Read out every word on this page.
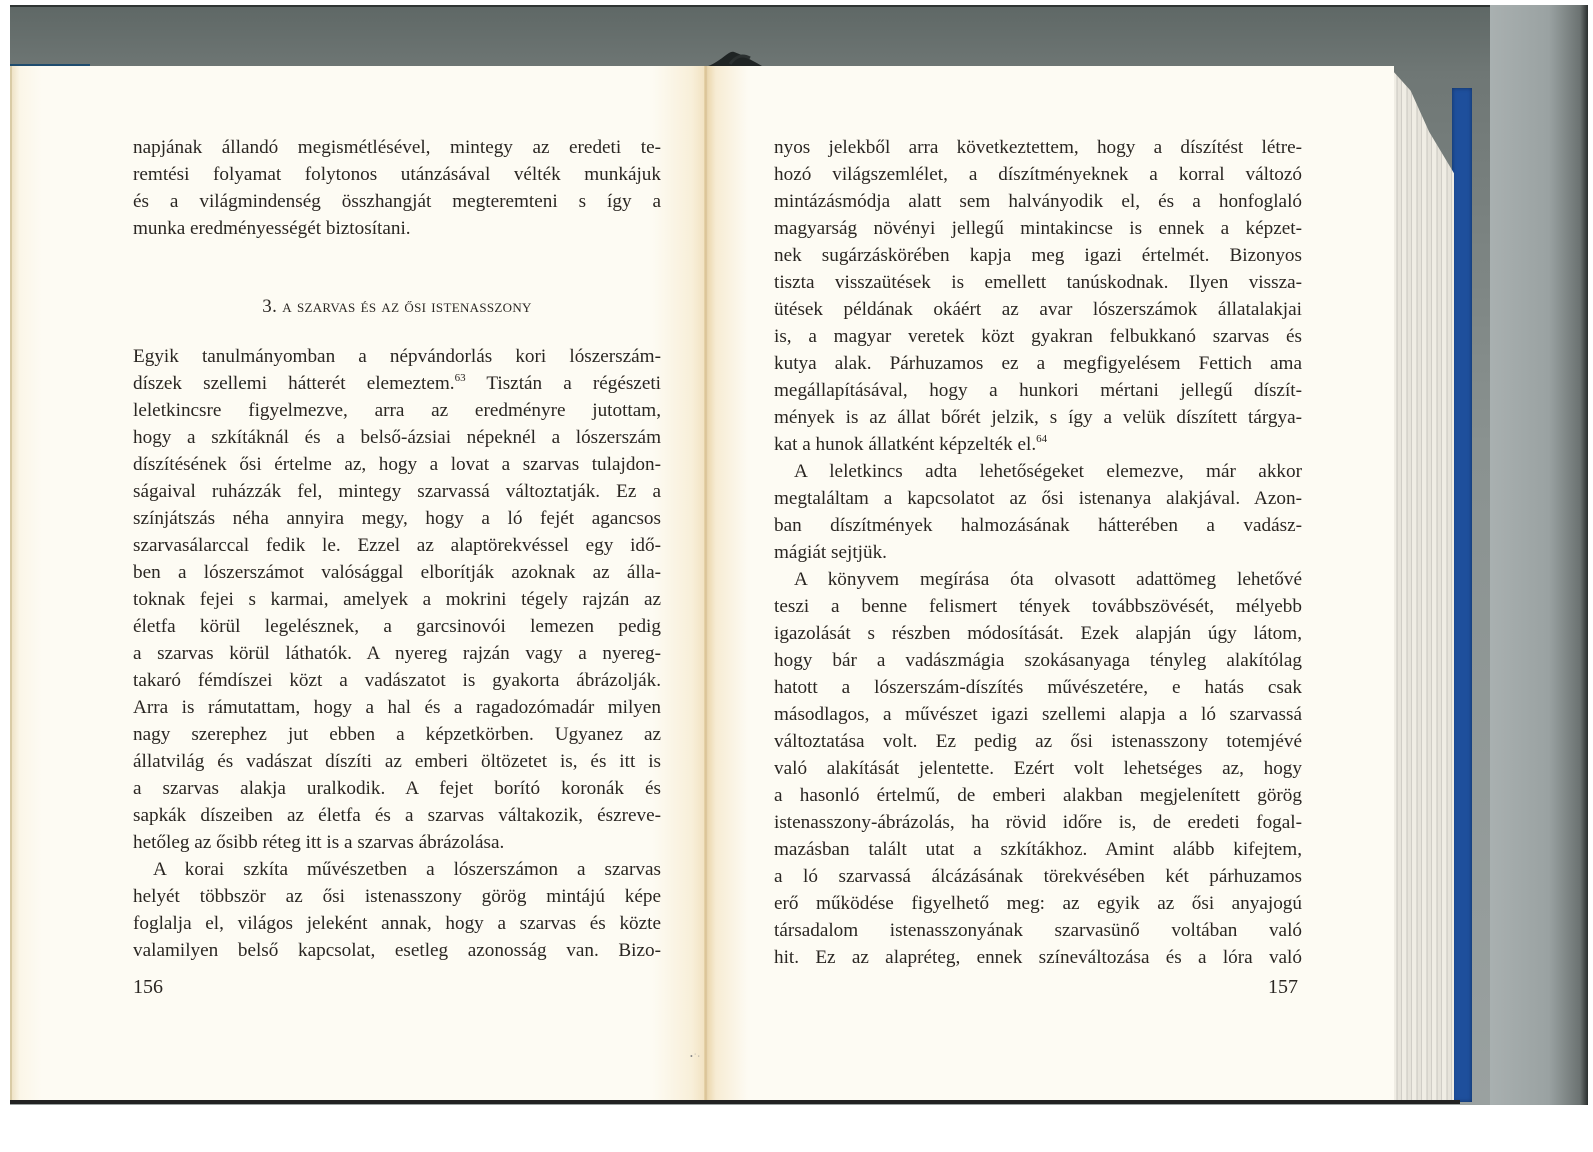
napjának állandó megismétlésével, mintegy az eredeti te-
remtési folyamat folytonos utánzásával vélték munkájuk
és a világmindenség összhangját megteremteni s így a
munka eredményességét biztosítani.
3. a szarvas és az ősi istenasszony
Egyik tanulmányomban a népvándorlás kori lószerszám-
díszek szellemi hátterét elemeztem.$^{63}$ Tisztán a régészeti
leletkincsre figyelmezve, arra az eredményre jutottam,
hogy a szkítáknál és a belső-ázsiai népeknél a lószerszám
díszítésének ősi értelme az, hogy a lovat a szarvas tulajdon-
ságaival ruházzák fel, mintegy szarvassá változtatják. Ez a
színjátszás néha annyira megy, hogy a ló fejét agancsos
szarvasálarccal fedik le. Ezzel az alaptörekvéssel egy idő-
ben a lószerszámot valósággal elborítják azoknak az álla-
toknak fejei s karmai, amelyek a mokrini tégely rajzán az
életfa körül legelésznek, a garcsinovói lemezen pedig
a szarvas körül láthatók. A nyereg rajzán vagy a nyereg-
takaró fémdíszei közt a vadászatot is gyakorta ábrázolják.
Arra is rámutattam, hogy a hal és a ragadozómadár milyen
nagy szerephez jut ebben a képzetkörben. Ugyanez az
állatvilág és vadászat díszíti az emberi öltözetet is, és itt is
a szarvas alakja uralkodik. A fejet borító koronák és
sapkák díszeiben az életfa és a szarvas váltakozik, észreve-
hetőleg az ősibb réteg itt is a szarvas ábrázolása.
A korai szkíta művészetben a lószerszámon a szarvas
helyét többször az ősi istenasszony görög mintájú képe
foglalja el, világos jeleként annak, hogy a szarvas és közte
valamilyen belső kapcsolat, esetleg azonosság van. Bizo-
156
nyos jelekből arra következtettem, hogy a díszítést létre-
hozó világszemlélet, a díszítményeknek a korral változó
mintázásmódja alatt sem halványodik el, és a honfoglaló
magyarság növényi jellegű mintakincse is ennek a képzet-
nek sugárzáskörében kapja meg igazi értelmét. Bizonyos
tiszta visszaütések is emellett tanúskodnak. Ilyen vissza-
ütések példának okáért az avar lószerszámok állatalakjai
is, a magyar veretek közt gyakran felbukkanó szarvas és
kutya alak. Párhuzamos ez a megfigyelésem Fettich ama
megállapításával, hogy a hunkori mértani jellegű díszít-
mények is az állat bőrét jelzik, s így a velük díszített tárgya-
kat a hunok állatként képzelték el.$^{64}$
A leletkincs adta lehetőségeket elemezve, már akkor
megtaláltam a kapcsolatot az ősi istenanya alakjával. Azon-
ban díszítmények halmozásának hátterében a vadász-
mágiát sejtjük.
A könyvem megírása óta olvasott adattömeg lehetővé
teszi a benne felismert tények továbbszövését, mélyebb
igazolását s részben módosítását. Ezek alapján úgy látom,
hogy bár a vadászmágia szokásanyaga tényleg alakítólag
hatott a lószerszám-díszítés művészetére, e hatás csak
másodlagos, a művészet igazi szellemi alapja a ló szarvassá
változtatása volt. Ez pedig az ősi istenasszony totemjévé
való alakítását jelentette. Ezért volt lehetséges az, hogy
a hasonló értelmű, de emberi alakban megjelenített görög
istenasszony-ábrázolás, ha rövid időre is, de eredeti fogal-
mazásban talált utat a szkítákhoz. Amint alább kifejtem,
a ló szarvassá álcázásának törekvésében két párhuzamos
erő működése figyelhető meg: az egyik az ősi anyajogú
társadalom istenasszonyának szarvasünő voltában való
hit. Ez az alapréteg, ennek színeváltozása és a lóra való
157
•˙‧
